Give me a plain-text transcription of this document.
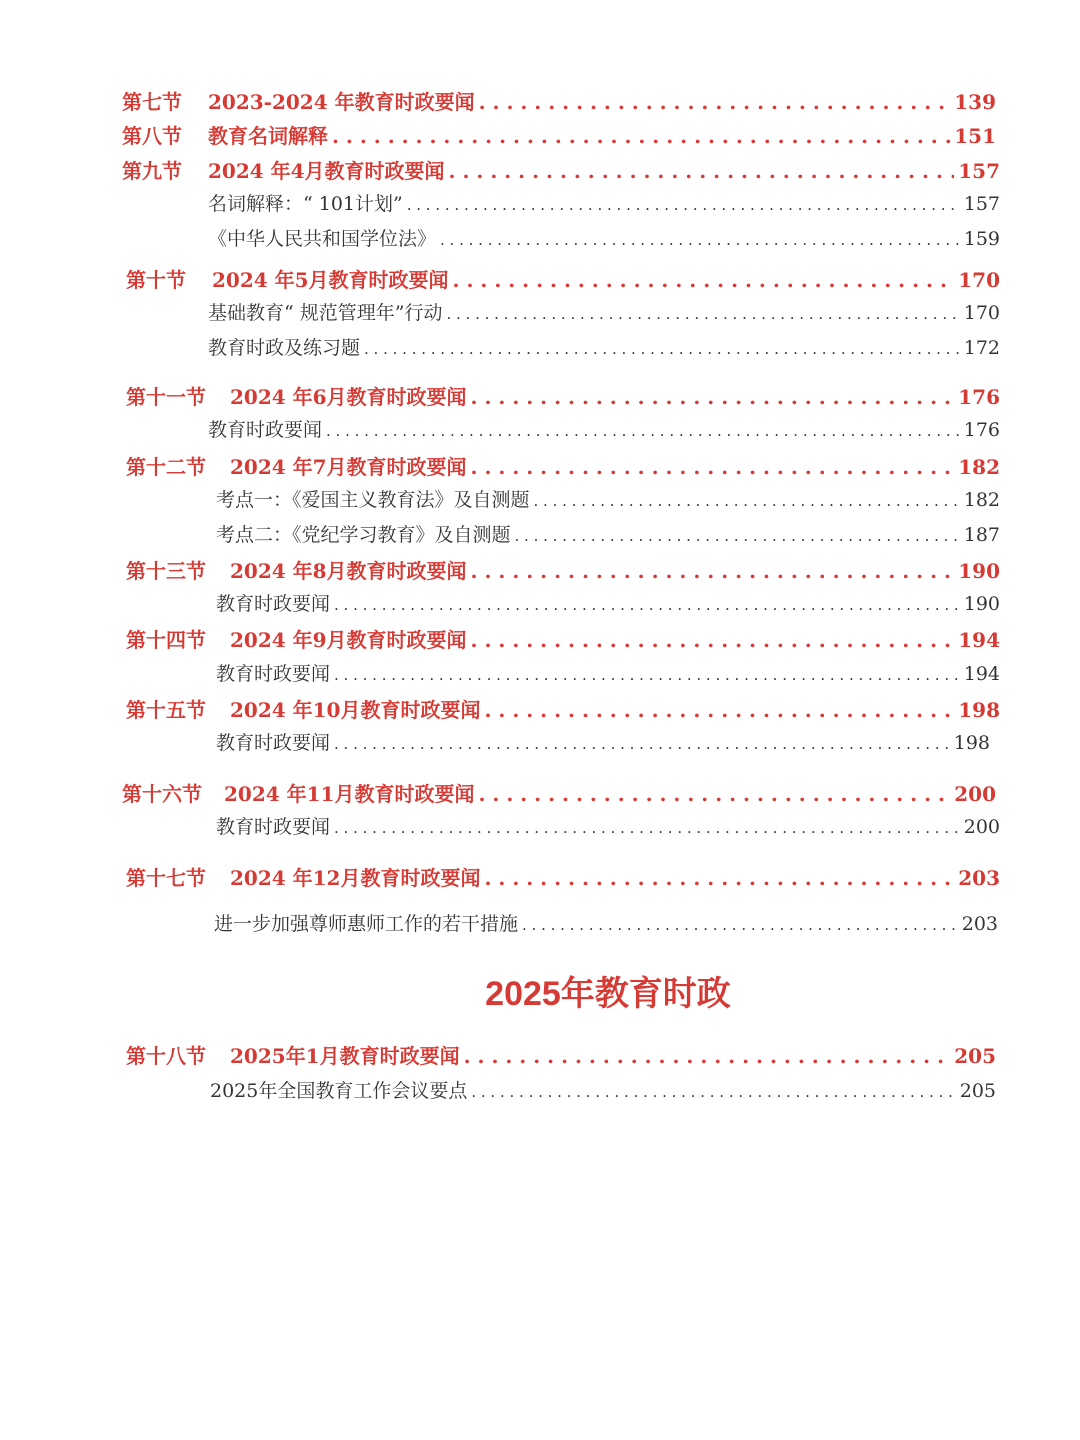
第七节 2023-2024 年教育时政要闻 . . .	139
第八节 教育名词解释 . . .	151
第九节 2024 年4月教育时政要闻 . . .	157
名词解释：“ 101计划” . . .	157
《中华人民共和国学位法》 . . .	159
第十节 2024 年5月教育时政要闻 . . .	170
基础教育“ 规范管理年”行动 . . .	170
教育时政及练习题 . . .	172
第十一节 2024 年6月教育时政要闻 . . .	176
教育时政要闻 . . .	176
第十二节 2024 年7月教育时政要闻 . . .	182
考点一：《爱国主义教育法》及自测题 . . .	182
考点二：《党纪学习教育》及自测题 . . .	187
第十三节 2024 年8月教育时政要闻 . . .	190
教育时政要闻 . . .	190
第十四节 2024 年9月教育时政要闻 . . .	194
教育时政要闻 . . .	194
第十五节 2024 年10月教育时政要闻 . . .	198
教育时政要闻 . . .	198
第十六节 2024 年11月教育时政要闻 . . .	200
教育时政要闻 . . .	200
第十七节 2024 年12月教育时政要闻 . . .	203
进一步加强尊师惠师工作的若干措施 . . .	203
2025年教育时政
第十八节 2025年1月教育时政要闻 . . .	205
2025年全国教育工作会议要点 . . .	205
